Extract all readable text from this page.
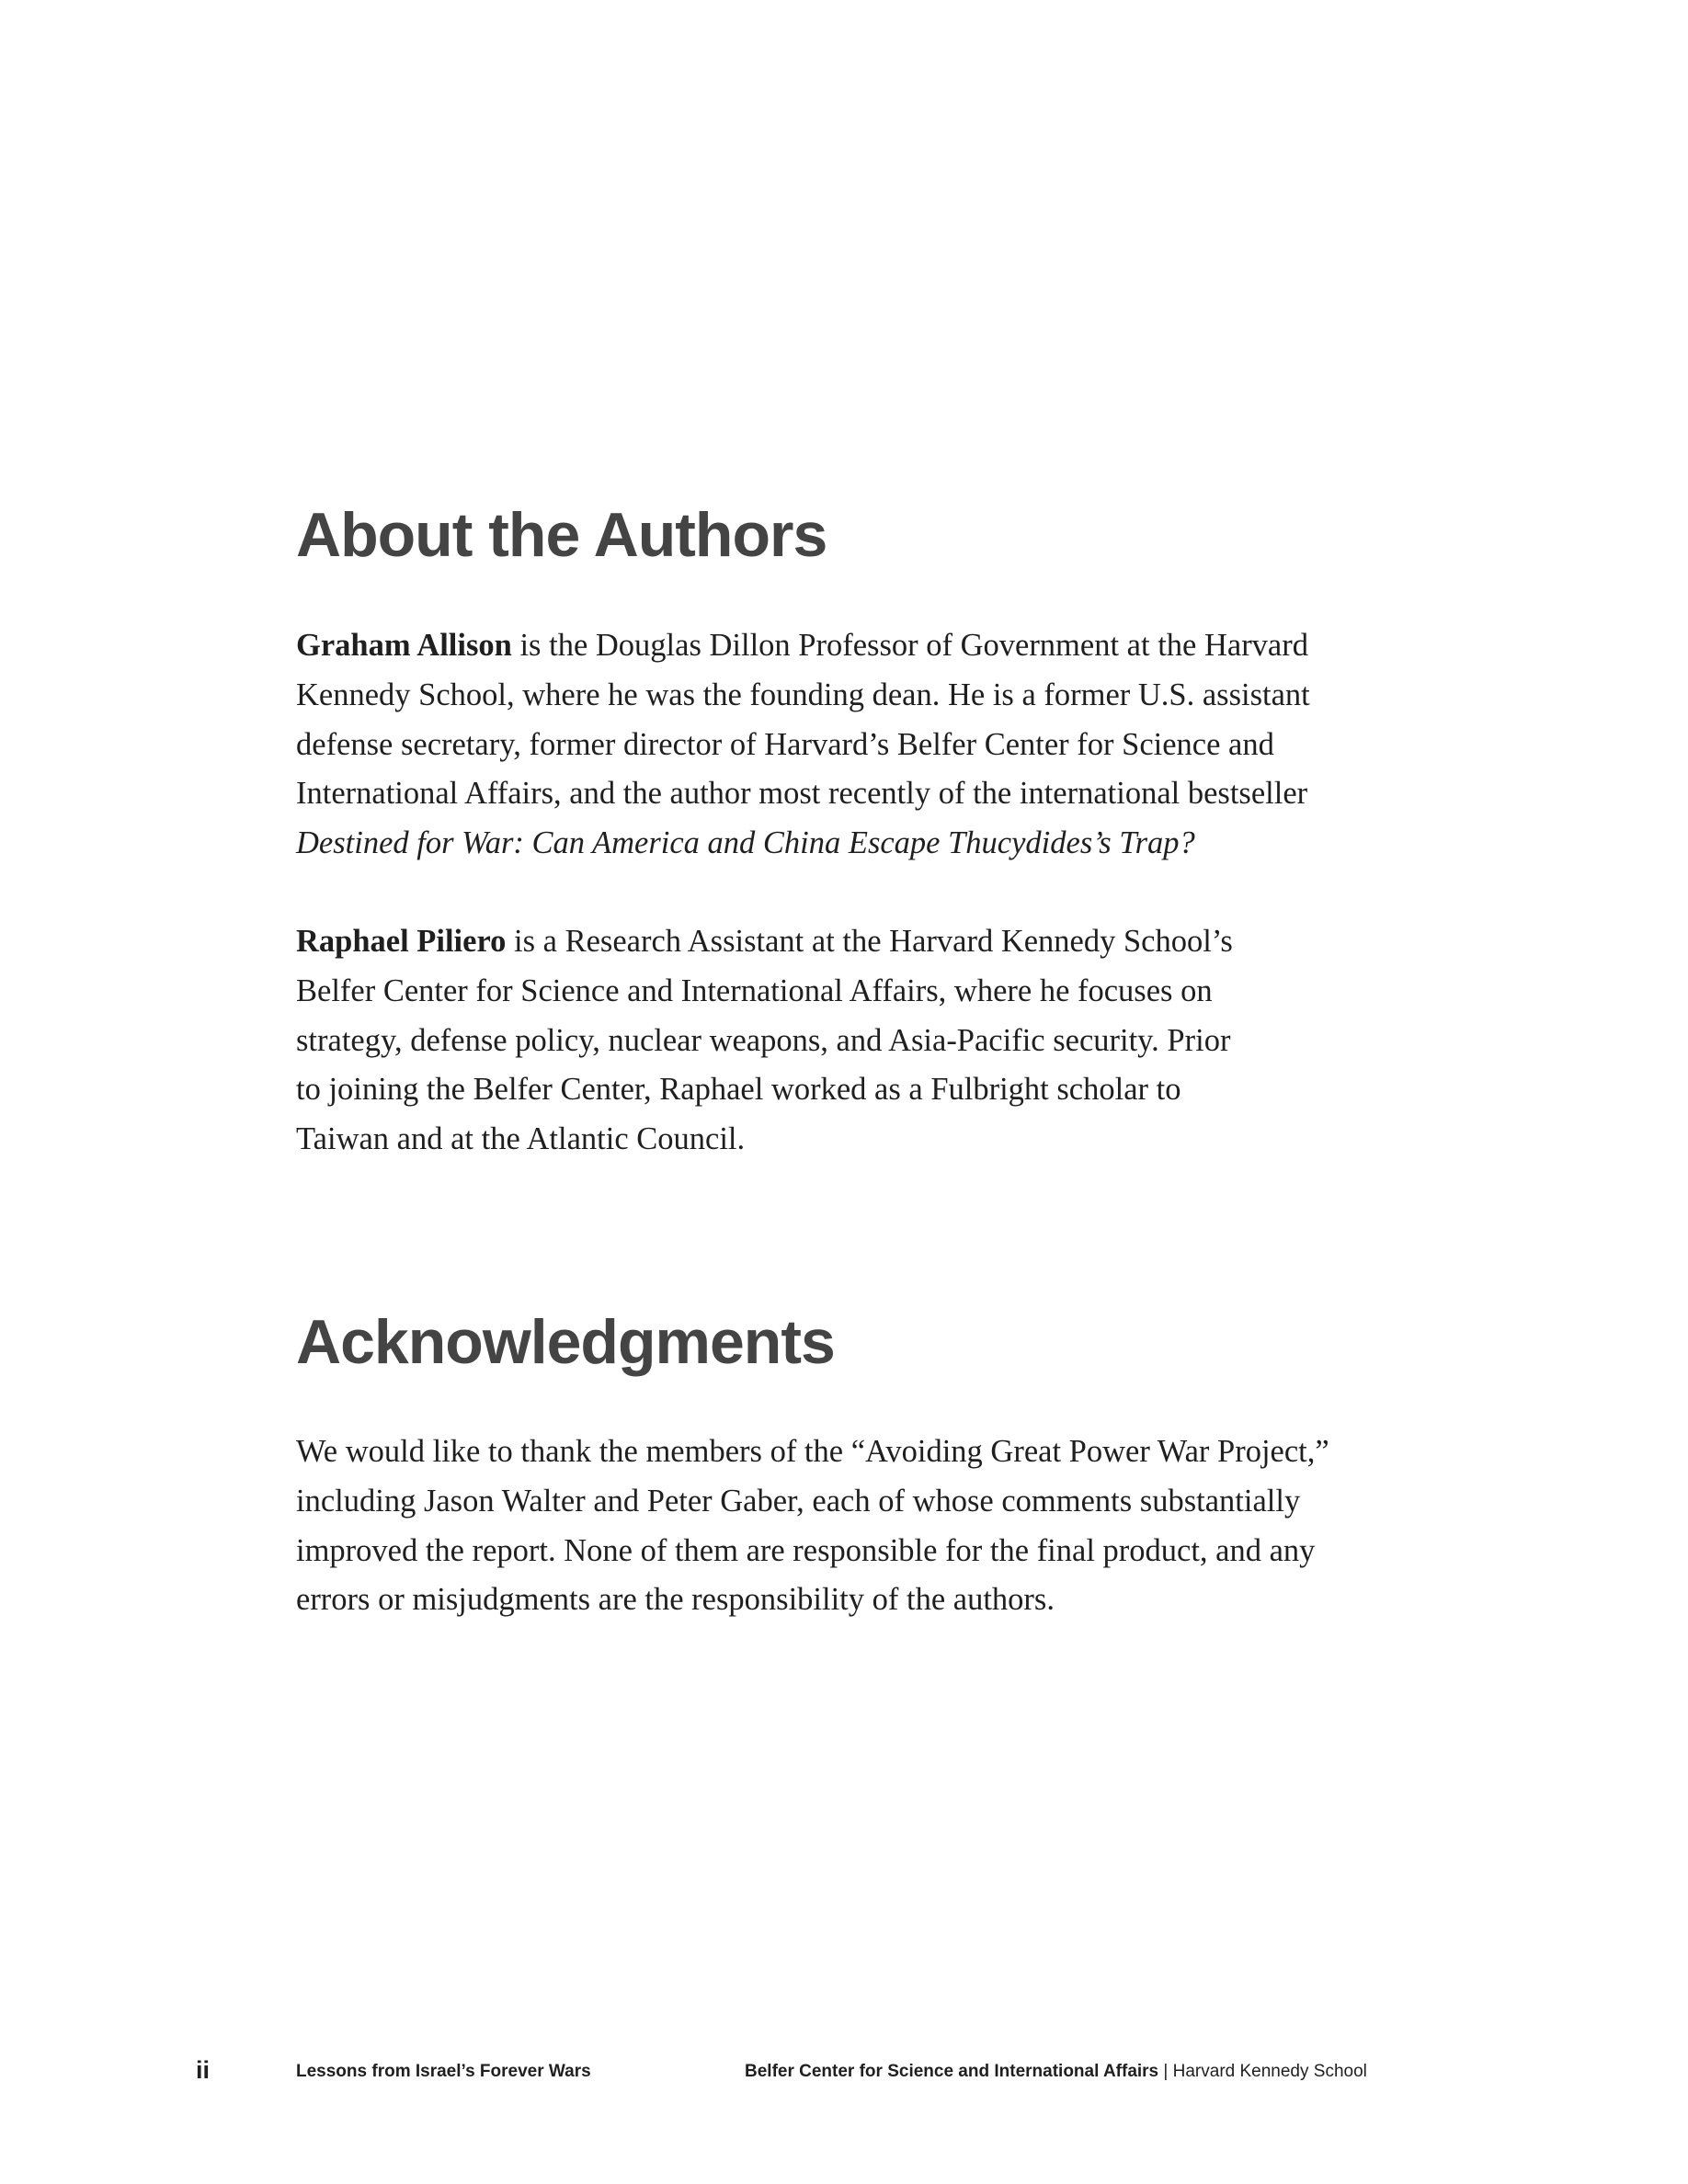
About the Authors

Graham Allison is the Douglas Dillon Professor of Government at the Harvard
Kennedy School, where he was the founding dean. He is a former U.S. assistant
defense secretary, former director of Harvard’s Belfer Center for Science and
International Affairs, and the author most recently of the international bestseller
Destined for War: Can America and China Escape Thucydides’s Trap?

Raphael Piliero is a Research Assistant at the Harvard Kennedy School’s
Belfer Center for Science and International Affairs, where he focuses on
strategy, defense policy, nuclear weapons, and Asia-Pacific security. Prior
to joining the Belfer Center, Raphael worked as a Fulbright scholar to
Taiwan and at the Atlantic Council.

Acknowledgments

We would like to thank the members of the “Avoiding Great Power War Project,”
including Jason Walter and Peter Gaber, each of whose comments substantially
improved the report. None of them are responsible for the final product, and any
errors or misjudgments are the responsibility of the authors.

ii	Lessons from Israel’s Forever Wars	Belfer Center for Science and International Affairs | Harvard Kennedy School
